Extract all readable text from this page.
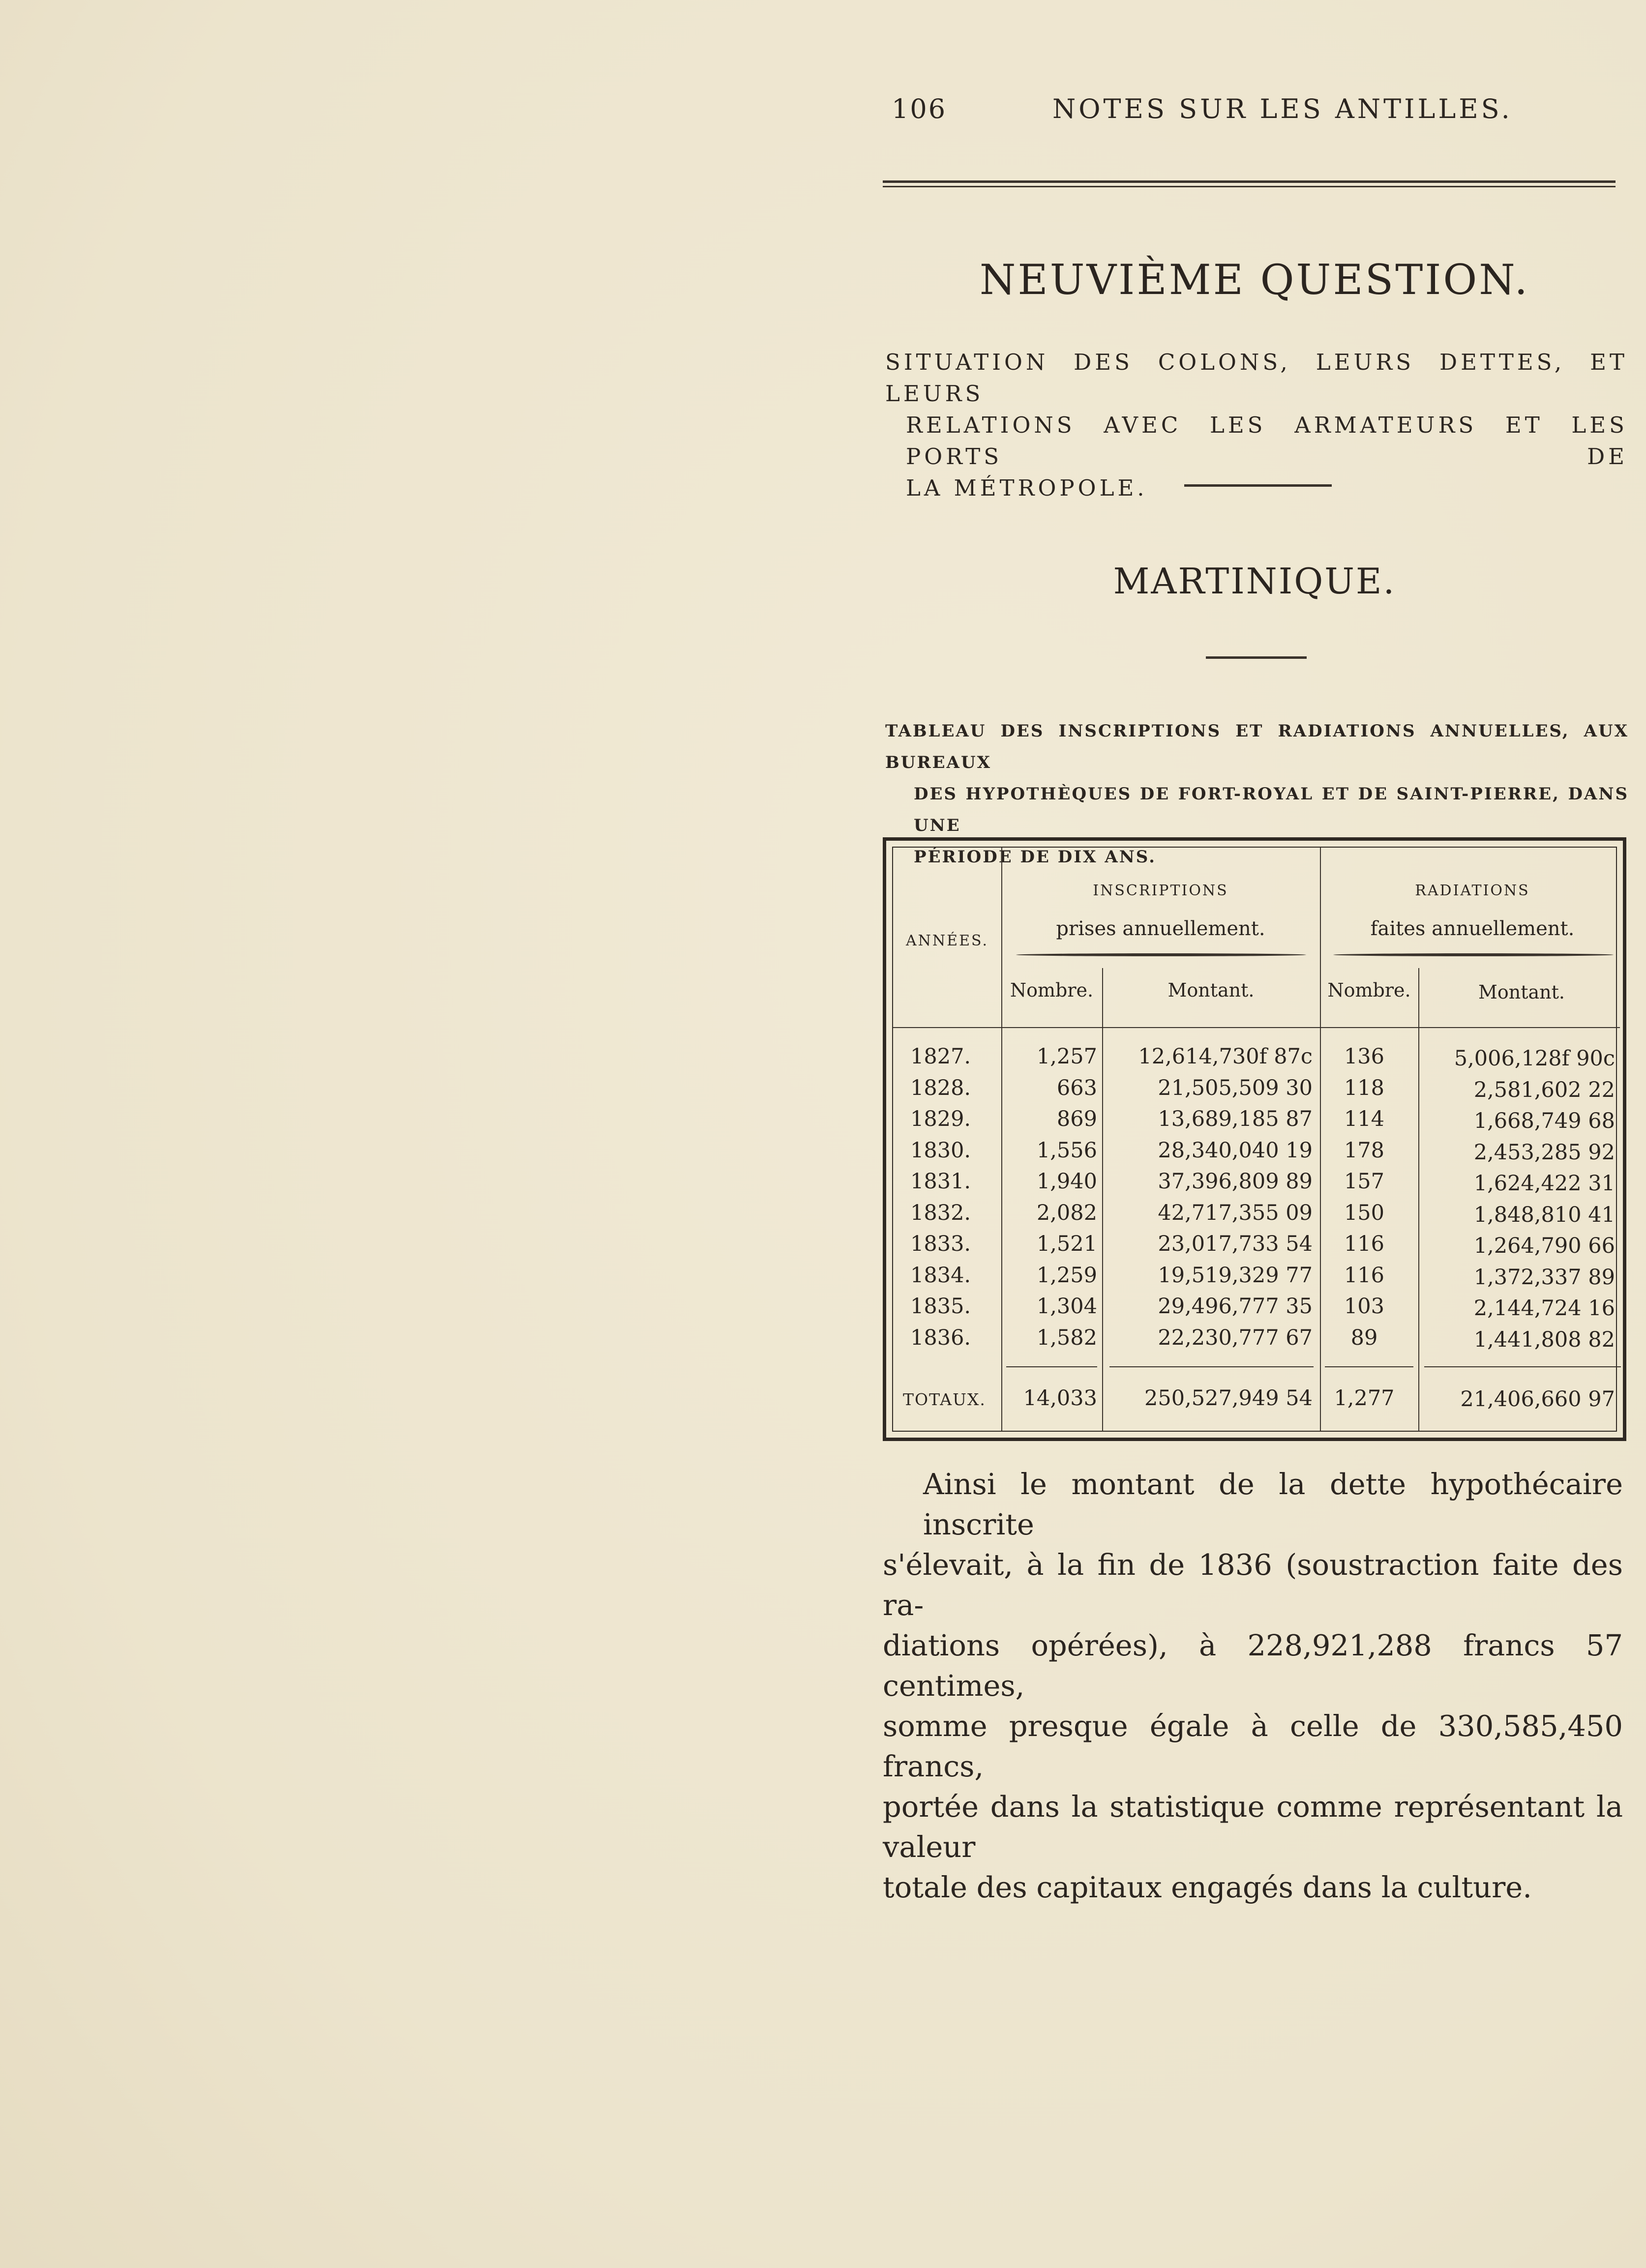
106	NOTES SUR LES ANTILLES.
NEUVIÈME QUESTION.
SITUATION DES COLONS, LEURS DETTES, ET LEURS
RELATIONS AVEC LES ARMATEURS ET LES PORTS DE
LA MÉTROPOLE.
MARTINIQUE.
TABLEAU DES INSCRIPTIONS ET RADIATIONS ANNUELLES, AUX BUREAUX
DES HYPOTHÈQUES DE FORT-ROYAL ET DE SAINT-PIERRE, DANS UNE
PÉRIODE DE DIX ANS.
INSCRIPTIONS
prises annuellement.
RADIATIONS
faites annuellement.
ANNÉES.
Nombre.	Montant.	Nombre.	Montant.
1827.	1,257	12,614,730f 87c	136	5,006,128f 90c
1828.	663	21,505,509 30	118	2,581,602 22
1829.	869	13,689,185 87	114	1,668,749 68
1830.	1,556	28,340,040 19	178	2,453,285 92
1831.	1,940	37,396,809 89	157	1,624,422 31
1832.	2,082	42,717,355 09	150	1,848,810 41
1833.	1,521	23,017,733 54	116	1,264,790 66
1834.	1,259	19,519,329 77	116	1,372,337 89
1835.	1,304	29,496,777 35	103	2,144,724 16
1836.	1,582	22,230,777 67	89	1,441,808 82
TOTAUX.	14,033	250,527,949 54	1,277	21,406,660 97
Ainsi le montant de la dette hypothécaire inscrite
s'élevait, à la fin de 1836 (soustraction faite des ra-
diations opérées), à 228,921,288 francs 57 centimes,
somme presque égale à celle de 330,585,450 francs,
portée dans la statistique comme représentant la valeur
totale des capitaux engagés dans la culture.
